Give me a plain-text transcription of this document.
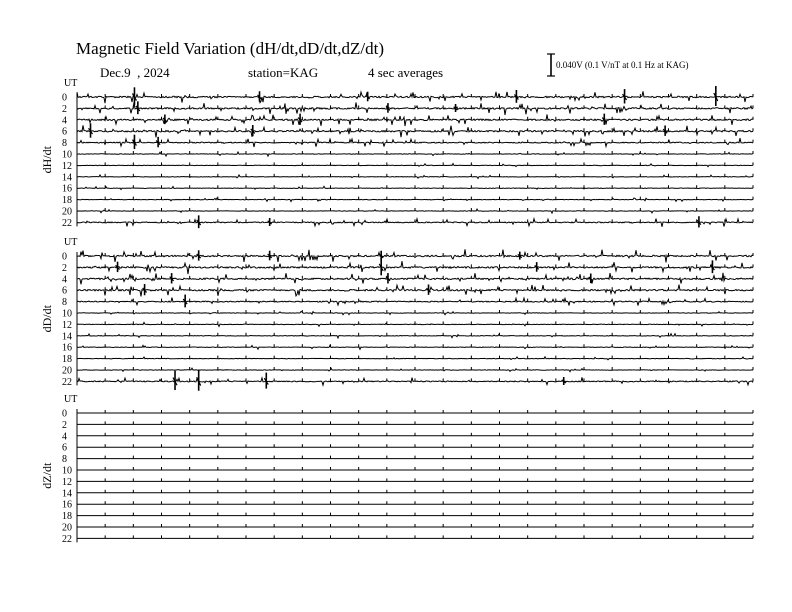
Magnetic Field Variation (dH/dt,dD/dt,dZ/dt)
Dec.9  , 2024	station=KAG	4 sec averages	0.040V (0.1 V/nT at 0.1 Hz at KAG)
UT
dH/dt
0
2
4
6
8
10
12
14
16
18
20
22
UT
dD/dt
0
2
4
6
8
10
12
14
16
18
20
22
UT
dZ/dt
0
2
4
6
8
10
12
14
16
18
20
22
